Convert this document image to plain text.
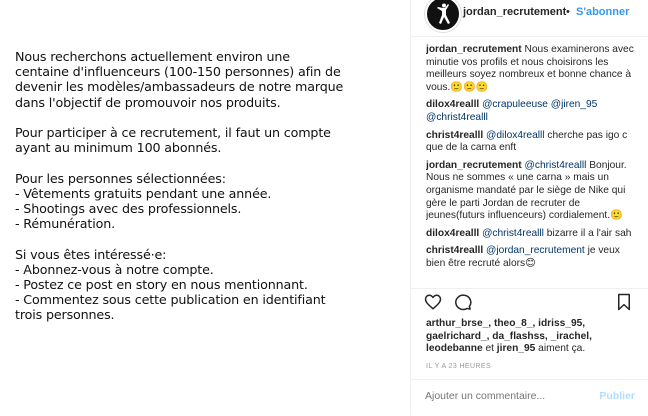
Nous recherchons actuellement environ une
centaine d'influenceurs (100-150 personnes) afin de
devenir les modèles/ambassadeurs de notre marque
dans l'objectif de promouvoir nos produits.

Pour participer à ce recrutement, il faut un compte
ayant au minimum 100 abonnés.

Pour les personnes sélectionnées:
- Vêtements gratuits pendant une année.
- Shootings avec des professionnels.
- Rémunération.

Si vous êtes intéressé·e:
- Abonnez-vous à notre compte.
- Postez ce post en story en nous mentionnant.
- Commentez sous cette publication en identifiant
trois personnes.

jordan_recrutement • S'abonner
jordan_recrutement Nous examinerons avec minutie vos profils et nous choisirons les meilleurs soyez nombreux et bonne chance à vous.🙂🙂🙂
dilox4realll @crapuleeuse @jiren_95 @christ4realll
christ4realll @dilox4realll cherche pas igo c que de la carna enft
jordan_recrutement @christ4realll Bonjour. Nous ne sommes « une carna » mais un organisme mandaté par le siège de Nike qui gère le parti Jordan de recruter de jeunes(futurs influenceurs) cordialement.🙂
dilox4realll @christ4realll bizarre il a l'air sah
christ4realll @jordan_recrutement je veux bien être recruté alors😊
arthur_brse_, theo_8_, idriss_95, gaelrichard_, da_flashss, _irachel, leodebanne et jiren_95 aiment ça.
IL Y A 23 HEURES
Ajouter un commentaire...
Publier
